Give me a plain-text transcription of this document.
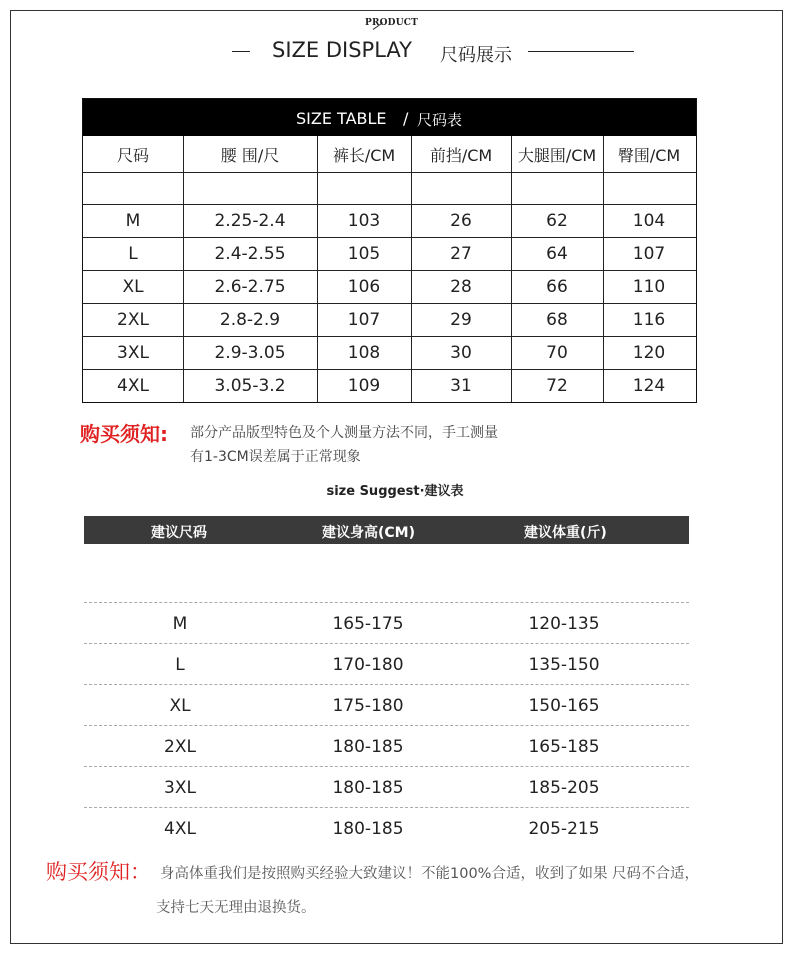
PRODUCT
SIZE DISPLAY 尺码展示
SIZE TABLE / 尺码表
尺码	腰 围/尺	裤长/CM	前挡/CM	大腿围/CM	臀围/CM
M	2.25-2.4	103	26	62	104
L	2.4-2.55	105	27	64	107
XL	2.6-2.75	106	28	66	110
2XL	2.8-2.9	107	29	68	116
3XL	2.9-3.05	108	30	70	120
4XL	3.05-3.2	109	31	72	124
购买须知: 部分产品版型特色及个人测量方法不同，手工测量
有1-3CM误差属于正常现象
size Suggest·建议表
建议尺码	建议身高(CM)	建议体重(斤)
M	165-175	120-135
L	170-180	135-150
XL	175-180	150-165
2XL	180-185	165-185
3XL	180-185	185-205
4XL	180-185	205-215
购买须知： 身高体重我们是按照购买经验大致建议！不能100%合适，收到了如果 尺码不合适，
支持七天无理由退换货。
